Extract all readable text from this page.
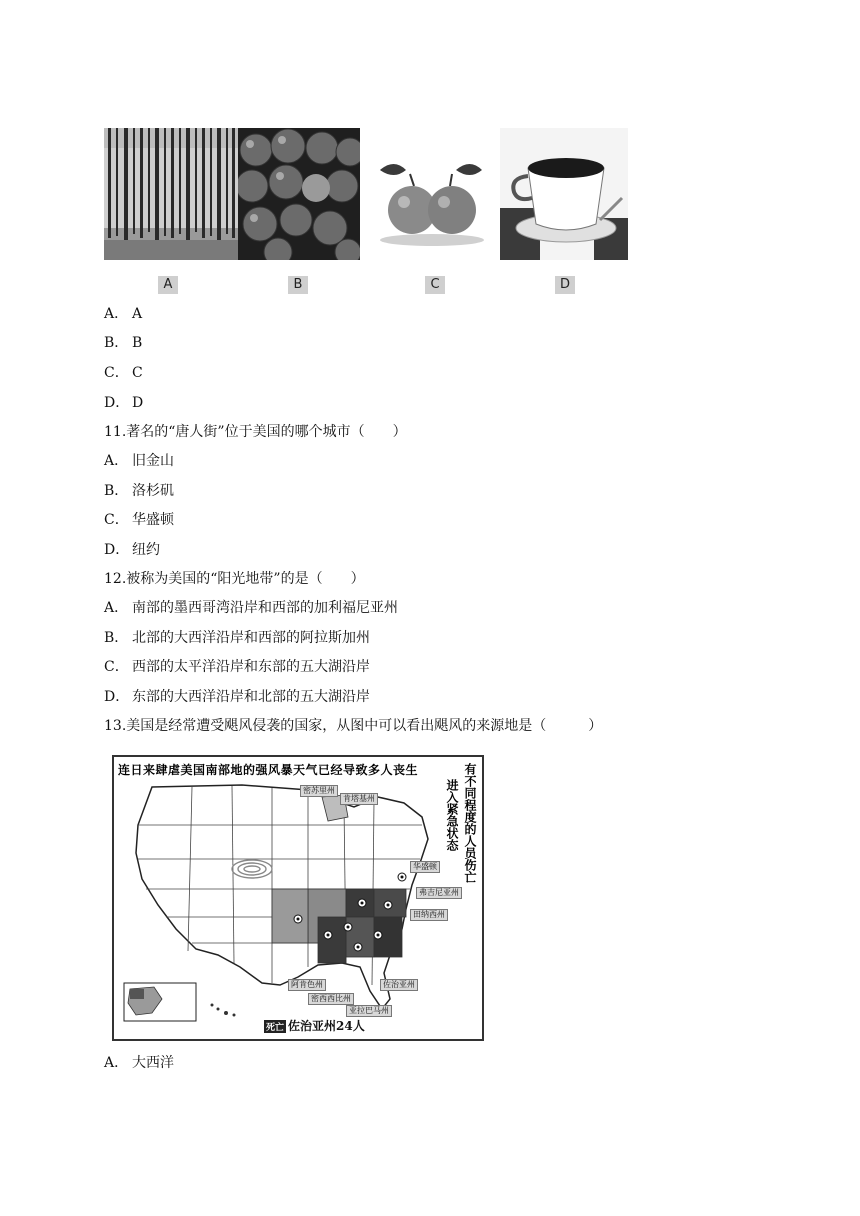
A	B	C	D
A． A
B． B
C． C
D． D
11.著名的“唐人街”位于美国的哪个城市（　　）
A． 旧金山
B． 洛杉矶
C． 华盛顿
D． 纽约
12.被称为美国的“阳光地带”的是（　　）
A． 南部的墨西哥湾沿岸和西部的加利福尼亚州
B． 北部的大西洋沿岸和西部的阿拉斯加州
C． 西部的太平洋沿岸和东部的五大湖沿岸
D． 东部的大西洋沿岸和北部的五大湖沿岸
13.美国是经常遭受飓风侵袭的国家，从图中可以看出飓风的来源地是（　　　）
连日来肆虐美国南部地的强风暴天气已经导致多人丧生	有不同程度的人员伤亡
进入紧急状态
密苏里州
肯塔基州
华盛顿
弗吉尼亚州
田纳西州
阿肯色州
密西西比州
亚拉巴马州
佐治亚州
死亡 佐治亚州24人
A． 大西洋
